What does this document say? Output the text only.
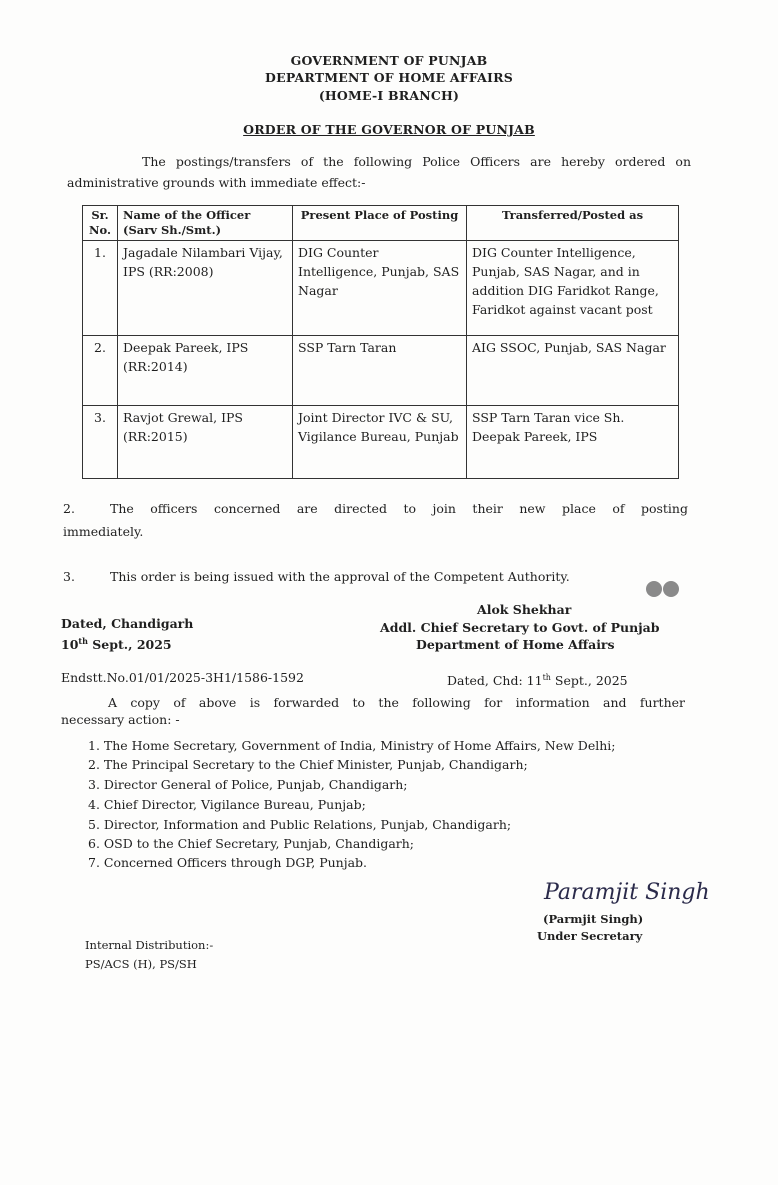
GOVERNMENT OF PUNJAB
DEPARTMENT OF HOME AFFAIRS
(HOME-I BRANCH)
ORDER OF THE GOVERNOR OF PUNJAB
The postings/transfers of the following Police Officers are hereby ordered on
administrative grounds with immediate effect:-
Sr. No.	Name of the Officer (Sarv Sh./Smt.)	Present Place of Posting	Transferred/Posted as
1.	Jagadale Nilambari Vijay, IPS (RR:2008)	DIG Counter Intelligence, Punjab, SAS Nagar	DIG Counter Intelligence, Punjab, SAS Nagar, and in addition DIG Faridkot Range, Faridkot against vacant post
2.	Deepak Pareek, IPS (RR:2014)	SSP Tarn Taran	AIG SSOC, Punjab, SAS Nagar
3.	Ravjot Grewal, IPS (RR:2015)	Joint Director IVC & SU, Vigilance Bureau, Punjab	SSP Tarn Taran vice Sh. Deepak Pareek, IPS
2.	The officers concerned are directed to join their new place of posting
immediately.
3.	This order is being issued with the approval of the Competent Authority.
Alok Shekhar
Addl. Chief Secretary to Govt. of Punjab
Department of Home Affairs
Dated, Chandigarh
10th Sept., 2025
Endstt.No.01/01/2025-3H1/1586-1592	Dated, Chd: 11th Sept., 2025
A copy of above is forwarded to the following for information and further
necessary action: -
1. The Home Secretary, Government of India, Ministry of Home Affairs, New Delhi;
2. The Principal Secretary to the Chief Minister, Punjab, Chandigarh;
3. Director General of Police, Punjab, Chandigarh;
4. Chief Director, Vigilance Bureau, Punjab;
5. Director, Information and Public Relations, Punjab, Chandigarh;
6. OSD to the Chief Secretary, Punjab, Chandigarh;
7. Concerned Officers through DGP, Punjab.
Paramjit Singh
(Parmjit Singh)
Under Secretary
Internal Distribution:-
PS/ACS (H), PS/SH
